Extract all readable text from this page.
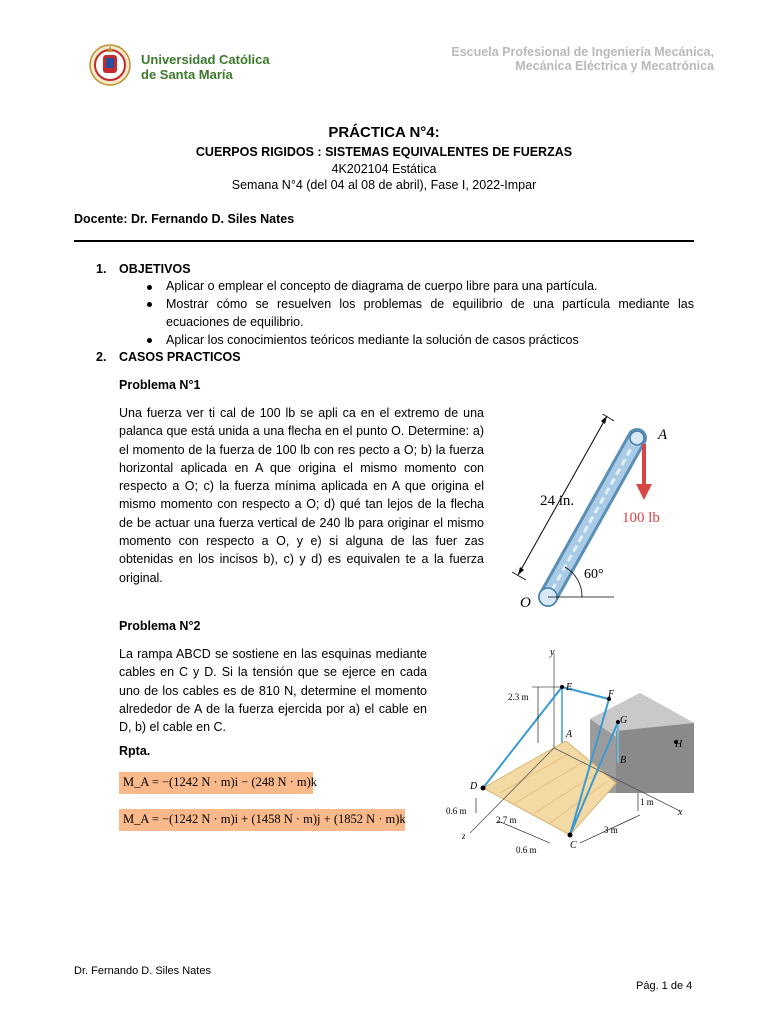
Universidad Católica
de Santa María
Escuela Profesional de Ingeniería Mecánica,
Mecánica Eléctrica y Mecatrónica
PRÁCTICA N°4:
CUERPOS RIGIDOS : SISTEMAS EQUIVALENTES DE FUERZAS
4K202104 Estática
Semana N°4 (del 04 al 08 de abril), Fase I, 2022-Impar
Docente: Dr. Fernando D. Siles Nates
1. OBJETIVOS
Aplicar o emplear el concepto de diagrama de cuerpo libre para una partícula.
Mostrar cómo se resuelven los problemas de equilibrio de una partícula mediante las ecuaciones de equilibrio.
Aplicar los conocimientos teóricos mediante la solución de casos prácticos
2. CASOS PRACTICOS
Problema N°1
Una fuerza ver ti cal de 100 lb se apli ca en el extremo de una palanca que está unida a una flecha en el punto O. Determine: a) el momento de la fuerza de 100 lb con res pecto a O; b) la fuerza horizontal aplicada en A que origina el mismo momento con respecto a O; c) la fuerza mínima aplicada en A que origina el mismo momento con respecto a O; d) qué tan lejos de la flecha de be actuar una fuerza vertical de 240 lb para originar el mismo momento con respecto a O, y e) si alguna de las fuer zas obtenidas en los incisos b), c) y d) es equivalen te a la fuerza original.
24 in.
100 lb
A
O
60°
Problema N°2
La rampa ABCD se sostiene en las esquinas mediante cables en C y D. Si la tensión que se ejerce en cada uno de los cables es de 810 N, determine el momento alrededor de A de la fuerza ejercida por a) el cable en D, b) el cable en C.
Rpta.
M_A = −(1242 N · m)i − (248 N · m)k
M_A = −(1242 N · m)i + (1458 N · m)j + (1852 N · m)k
y
x
E
F
G
H
A
B
C
D
2.3 m
0.6 m
2.7 m
0.6 m
3 m
1 m
z
Dr. Fernando D. Siles Nates
Pág. 1 de 4
